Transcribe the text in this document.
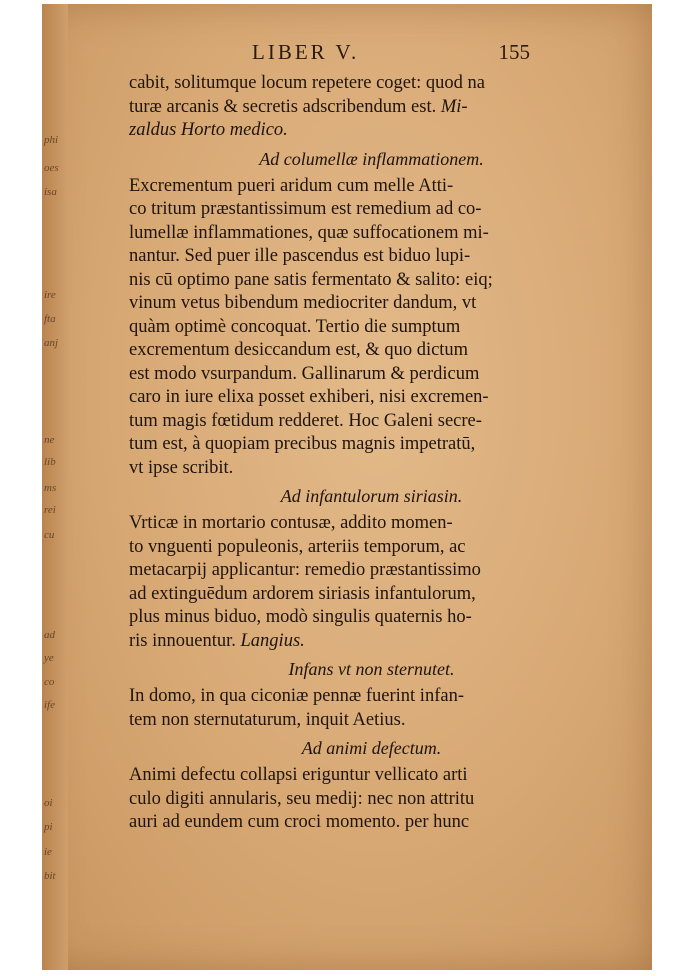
phi
oes
isa
ire
fta
anj
ne
lib
ms
rei
cu
ad
ye
co
ife
oi
pi
ie
bit
LIBER V.	155
cabit, solitumque locum repetere coget: quod na
turæ arcanis & secretis adscribendum est. Mi-
zaldus Horto medico.
Ad columellæ inflammationem.
Excrementum pueri aridum cum melle Atti-
co tritum præstantissimum est remedium ad co-
lumellæ inflammationes, quæ suffocationem mi-
nantur. Sed puer ille pascendus est biduo lupi-
nis cū optimo pane satis fermentato & salito: eiq;
vinum vetus bibendum mediocriter dandum, vt
quàm optimè concoquat. Tertio die sumptum
excrementum desiccandum est, & quo dictum
est modo vsurpandum. Gallinarum & perdicum
caro in iure elixa posset exhiberi, nisi excremen-
tum magis fœtidum redderet. Hoc Galeni secre-
tum est, à quopiam precibus magnis impetratū,
vt ipse scribit.
Ad infantulorum siriasin.
Vrticæ in mortario contusæ, addito momen-
to vnguenti populeonis, arteriis temporum, ac
metacarpij applicantur: remedio præstantissimo
ad extinguēdum ardorem siriasis infantulorum,
plus minus biduo, modò singulis quaternis ho-
ris innouentur. Langius.
Infans vt non sternutet.
In domo, in qua ciconiæ pennæ fuerint infan-
tem non sternutaturum, inquit Aetius.
Ad animi defectum.
Animi defectu collapsi eriguntur vellicato arti
culo digiti annularis, seu medij: nec non attritu
auri ad eundem cum croci momento. per hunc
